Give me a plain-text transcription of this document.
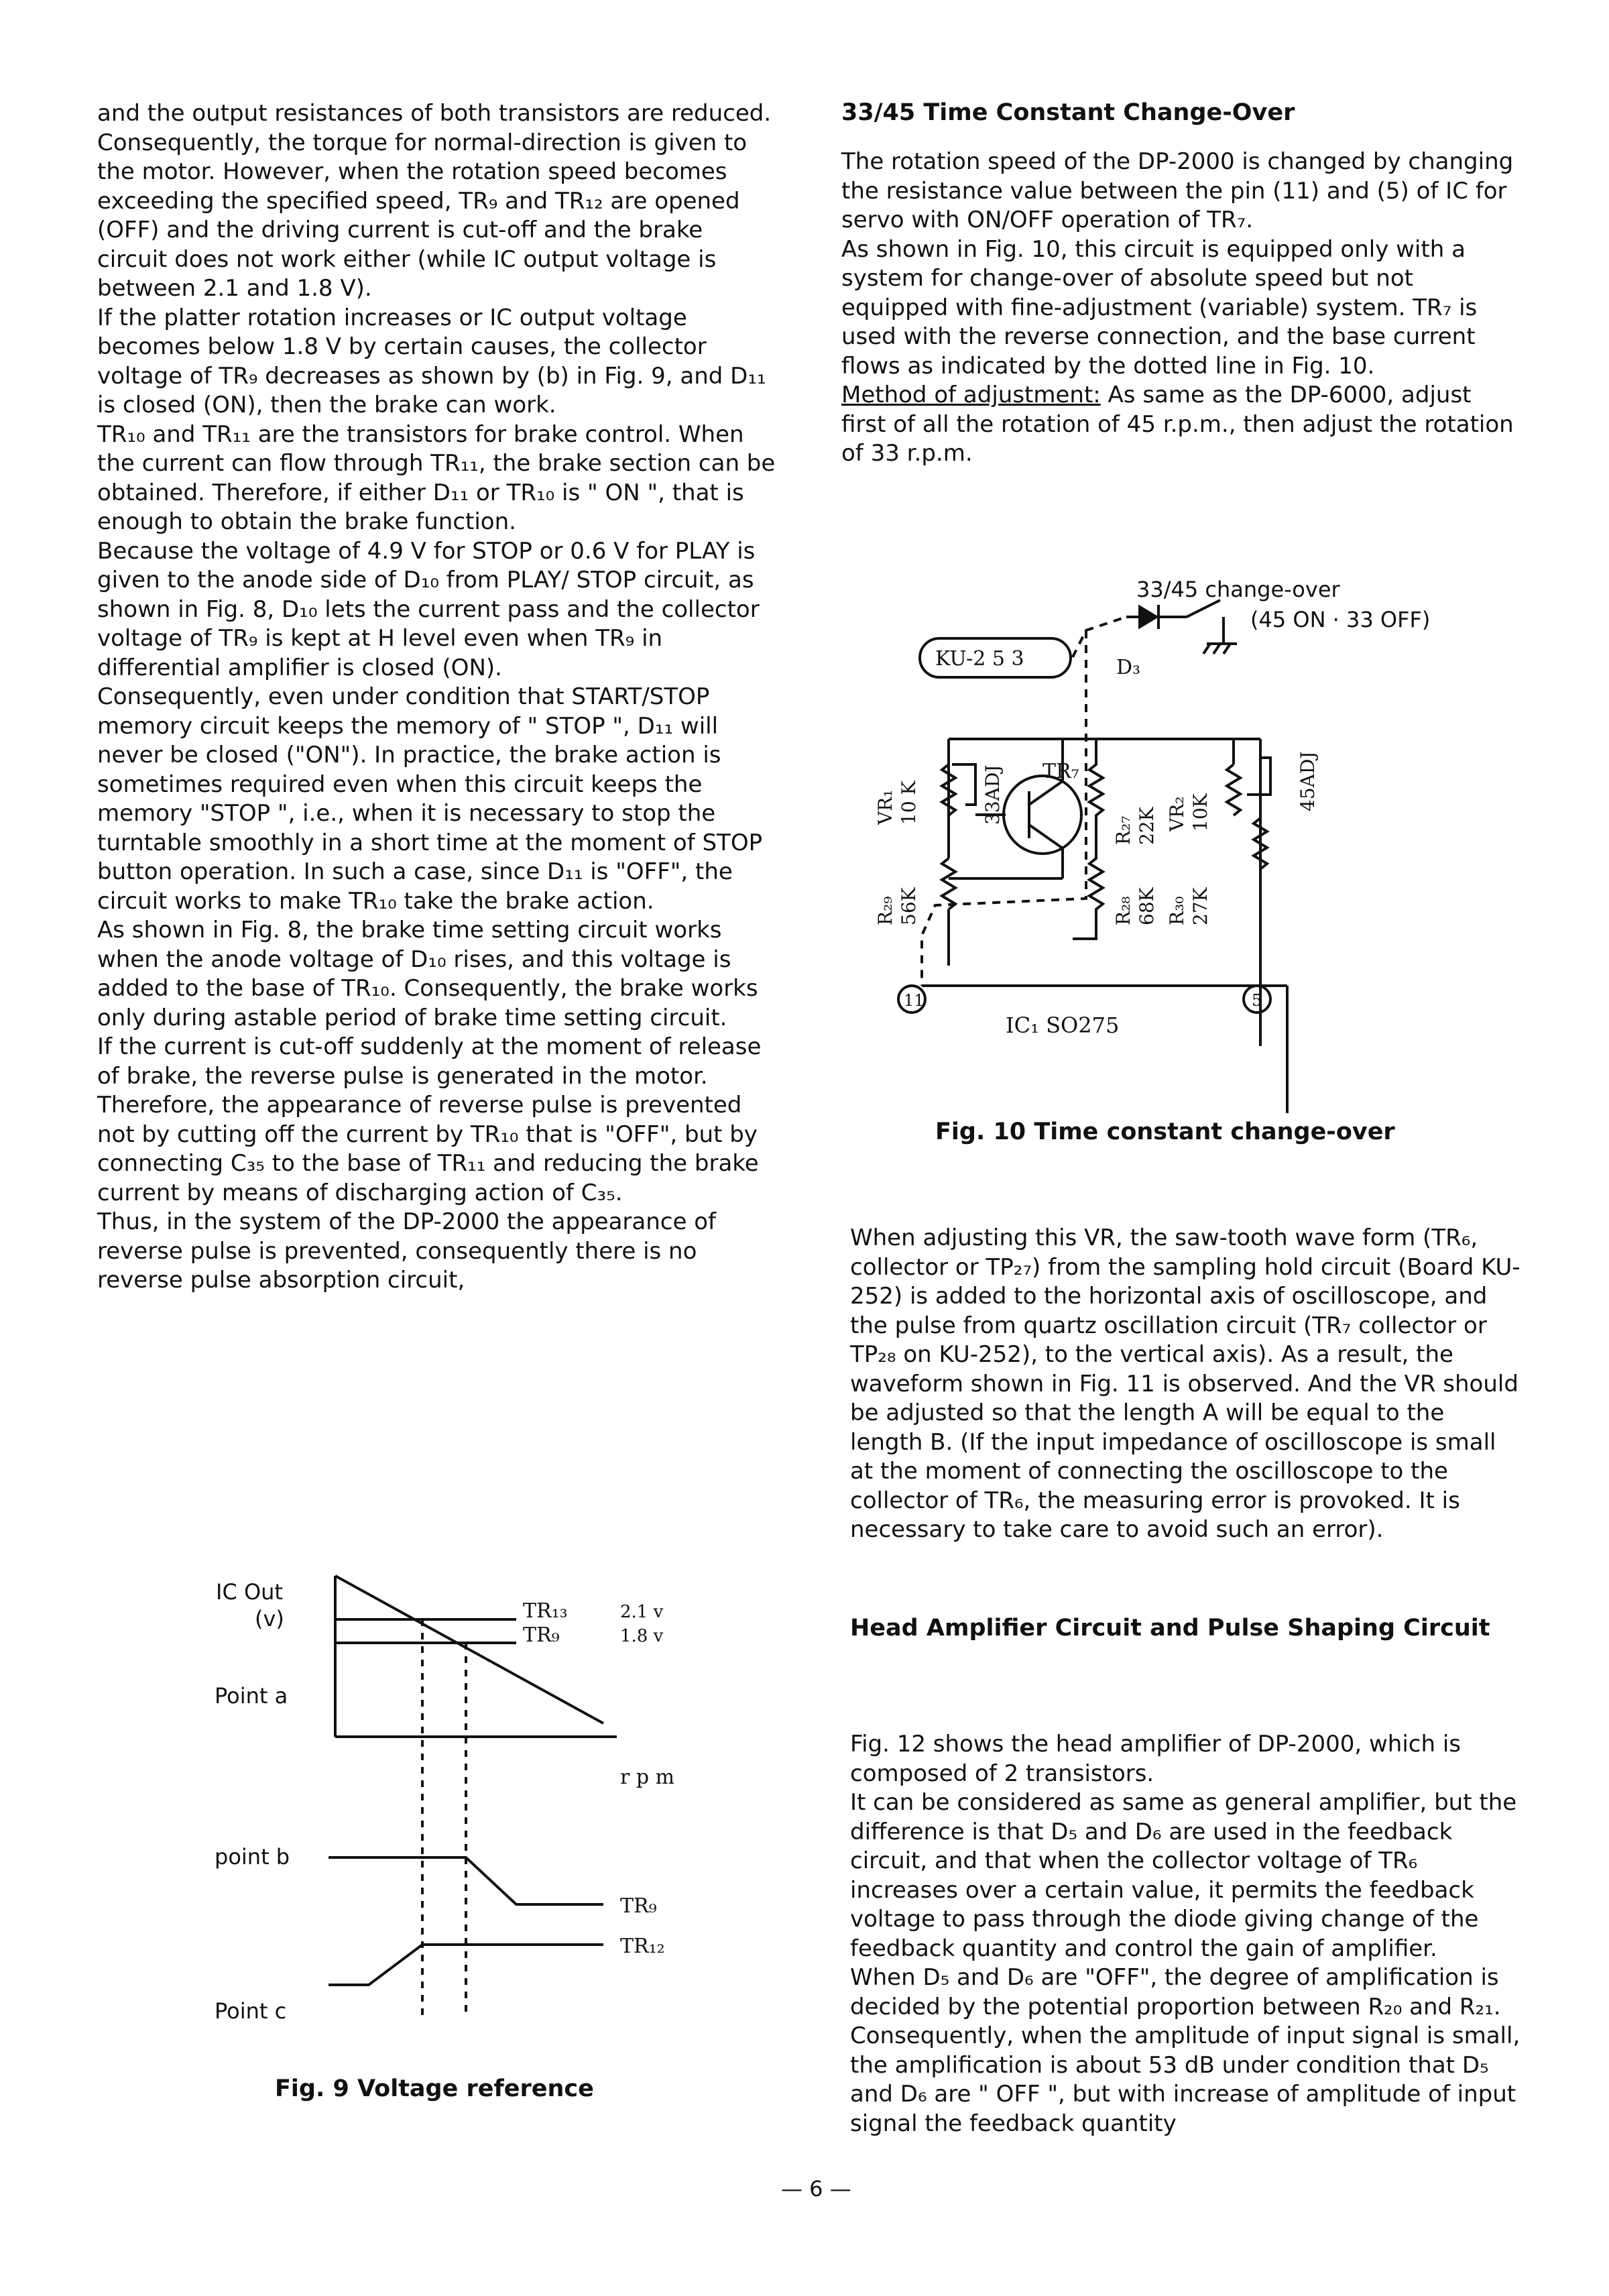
and the output resistances of both transistors are reduced.

Consequently, the torque for normal-direction is given to the motor. However, when the rotation speed becomes exceeding the specified speed, TR₉ and TR₁₂ are opened (OFF) and the driving current is cut-off and the brake circuit does not work either (while IC output voltage is between 2.1 and 1.8 V).

If the platter rotation increases or IC output voltage becomes below 1.8 V by certain causes, the collector voltage of TR₉ decreases as shown by (b) in Fig. 9, and D₁₁ is closed (ON), then the brake can work.

TR₁₀ and TR₁₁ are the transistors for brake control. When the current can flow through TR₁₁, the brake section can be obtained. Therefore, if either D₁₁ or TR₁₀ is " ON ", that is enough to obtain the brake function.

Because the voltage of 4.9 V for STOP or 0.6 V for PLAY is given to the anode side of D₁₀ from PLAY/ STOP circuit, as shown in Fig. 8, D₁₀ lets the current pass and the collector voltage of TR₉ is kept at H level even when TR₉ in differential amplifier is closed (ON).

Consequently, even under condition that START/STOP memory circuit keeps the memory of " STOP ", D₁₁ will never be closed ("ON"). In practice, the brake action is sometimes required even when this circuit keeps the memory "STOP ", i.e., when it is necessary to stop the turntable smoothly in a short time at the moment of STOP button operation. In such a case, since D₁₁ is "OFF", the circuit works to make TR₁₀ take the brake action.

As shown in Fig. 8, the brake time setting circuit works when the anode voltage of D₁₀ rises, and this voltage is added to the base of TR₁₀. Consequently, the brake works only during astable period of brake time setting circuit.

If the current is cut-off suddenly at the moment of release of brake, the reverse pulse is generated in the motor. Therefore, the appearance of reverse pulse is prevented not by cutting off the current by TR₁₀ that is "OFF", but by connecting C₃₅ to the base of TR₁₁ and reducing the brake current by means of discharging action of C₃₅.

Thus, in the system of the DP-2000 the appearance of reverse pulse is prevented, consequently there is no reverse pulse absorption circuit,

33/45 Time Constant Change-Over

The rotation speed of the DP-2000 is changed by changing the resistance value between the pin (11) and (5) of IC for servo with ON/OFF operation of TR₇.

As shown in Fig. 10, this circuit is equipped only with a system for change-over of absolute speed but not equipped with fine-adjustment (variable) system. TR₇ is used with the reverse connection, and the base current flows as indicated by the dotted line in Fig. 10.

Method of adjustment: As same as the DP-6000, adjust first of all the rotation of 45 r.p.m., then adjust the rotation of 33 r.p.m.

33/45 change-over
(45 ON · 33 OFF)
KU-2 5 3	D₃
TR₇
VR₁ 10 K	33ADJ
R₂₉ 56K
R₂₇ 22K
R₂₈ 68K
VR₂ 10K
R₃₀ 27K
45ADJ
11	5
IC₁ SO275
Fig. 10 Time constant change-over

When adjusting this VR, the saw-tooth wave form (TR₆, collector or TP₂₇) from the sampling hold circuit (Board KU-252) is added to the horizontal axis of oscilloscope, and the pulse from quartz oscillation circuit (TR₇ collector or TP₂₈ on KU-252), to the vertical axis). As a result, the waveform shown in Fig. 11 is observed. And the VR should be adjusted so that the length A will be equal to the length B. (If the input impedance of oscilloscope is small at the moment of connecting the oscilloscope to the collector of TR₆, the measuring error is provoked. It is necessary to take care to avoid such an error).

Head Amplifier Circuit and Pulse Shaping Circuit

Fig. 12 shows the head amplifier of DP-2000, which is composed of 2 transistors.

It can be considered as same as general amplifier, but the difference is that D₅ and D₆ are used in the feedback circuit, and that when the collector voltage of TR₆ increases over a certain value, it permits the feedback voltage to pass through the diode giving change of the feedback quantity and control the gain of amplifier.

When D₅ and D₆ are "OFF", the degree of amplification is decided by the potential proportion between R₂₀ and R₂₁.

Consequently, when the amplitude of input signal is small, the amplification is about 53 dB under condition that D₅ and D₆ are " OFF ", but with increase of amplitude of input signal the feedback quantity

IC Out
(v)	TR₁₃
TR₉
2.1 v
1.8 v
Point a
r p m
point b
TR₉
TR₁₂
Point c
Fig. 9 Voltage reference
— 6 —
